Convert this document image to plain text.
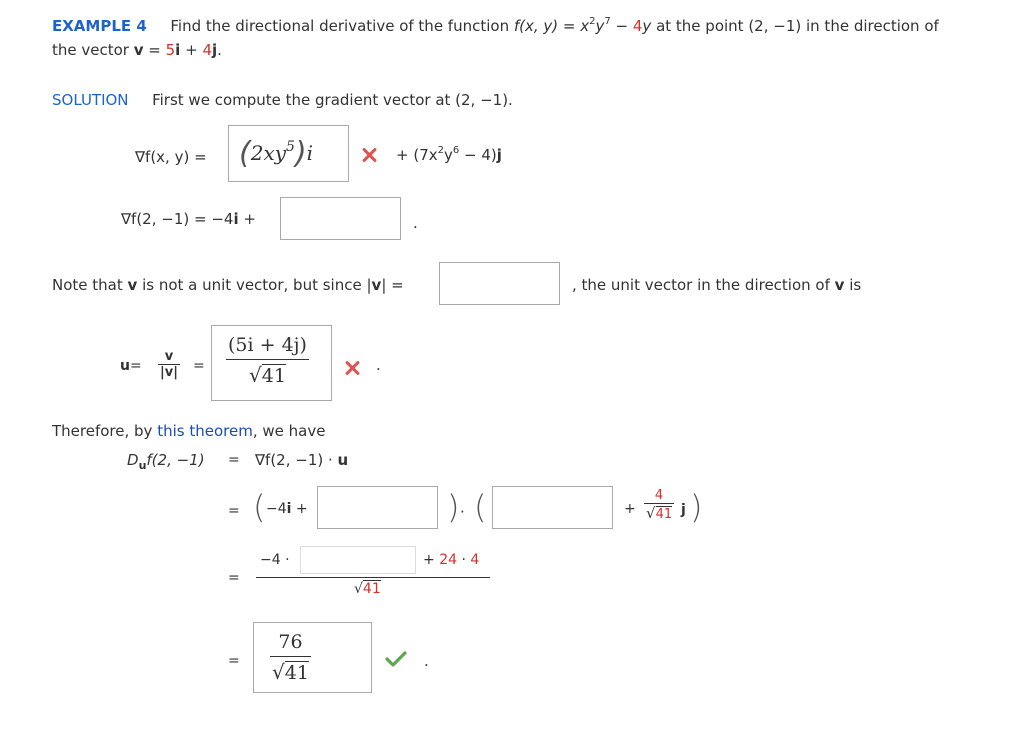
EXAMPLE 4 Find the directional derivative of the function f(x, $y) = x^2y^7 - 4y$ at the point (2, −1) in the direction of
the vector v = 5i + 4j.
SOLUTION First we compute the gradient vector at (2, −1).
∇f(x, $y) = (2xy^5)i$	+ $(7x^2y^6 - 4)j$
∇f(2, −1) = −4i +	.
Note that v is not a unit vector, but since |v| =	, the unit vector in the direction of v is
u =
v
|v| =
(5i + 4j)
√41	.
Therefore, by this theorem, we have
$D_uf(2$, −1) = ∇f(2, −1) · u
= ( −4i +	) · (	+
4
√41 j )
=
−4 ·	+ 24 · 4
√41
=
76
√41
.
